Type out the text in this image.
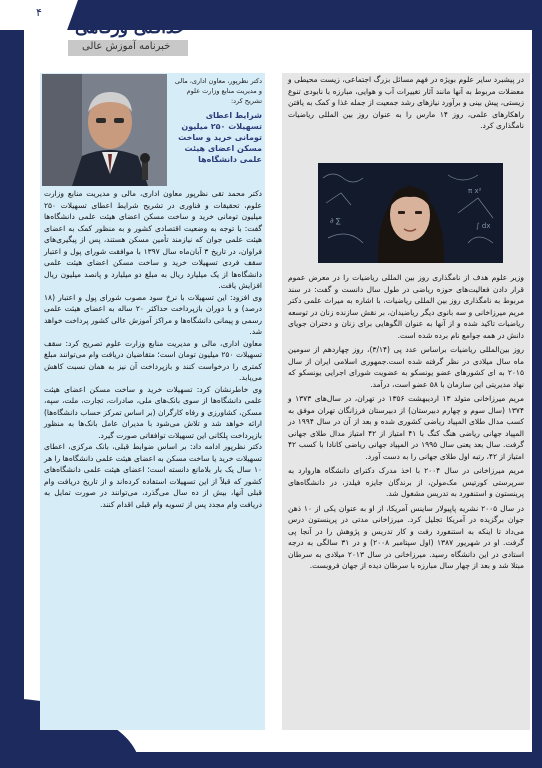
۴
خداقتی ورفاهی
خبرنامه آموزش عالی

دکتر نظرپور، معاون اداری، مالی و مدیریت منابع وزارت علوم تشریح کرد:

شرایط اعطای تسهیلات ۲۵۰ میلیون تومانی خرید و ساخت مسکن اعضای هیئت علمی دانشگاه‌ها

دکتر محمد تقی نظرپور معاون اداری، مالی و مدیریت منابع وزارت علوم، تحقیقات و فناوری در تشریح شرایط اعطای تسهیلات ۲۵۰ میلیون تومانی خرید و ساخت مسکن اعضای هیئت علمی دانشگاه‌ها گفت: با توجه به وضعیت اقتصادی کشور و به منظور کمک به اعضای هیئت علمی جوان که نیازمند تأمین مسکن هستند، پس از پیگیری‌های فراوان، در تاریخ ۳ آبان‌ماه سال ۱۳۹۷ با موافقت شورای پول و اعتبار سقف فردی تسهیلات خرید و ساخت مسکن اعضای هیئت علمی دانشگاه‌ها از یک میلیارد ریال به مبلغ دو میلیارد و پانصد میلیون ریال افزایش یافت.

وی افزود: این تسهیلات با نرخ سود مصوب شورای پول و اعتبار (۱۸ درصد) و با دوران بازپرداخت حداکثر ۲۰ ساله به اعضای هیئت علمی رسمی و پیمانی دانشگاه‌ها و مراکز آموزش عالی کشور پرداخت خواهد شد.

معاون اداری، مالی و مدیریت منابع وزارت علوم تصریح کرد: سقف تسهیلات ۲۵۰ میلیون تومان است؛ متقاضیان دریافت وام می‌توانند مبلغ کمتری را درخواست کنند و بازپرداخت آن نیز به همان نسبت کاهش می‌یابد.

وی خاطرنشان کرد: تسهیلات خرید و ساخت مسکن اعضای هیئت علمی دانشگاه‌ها از سوی بانک‌های ملی، صادرات، تجارت، ملت، سپه، مسکن، کشاورزی و رفاه کارگران (بر اساس تمرکز حساب دانشگاه‌ها) ارائه خواهد شد و تلاش می‌شود با مدیران عامل بانک‌ها به منظور بازپرداخت پلکانی این تسهیلات توافقاتی صورت گیرد.

دکتر نظرپور ادامه داد: بر اساس ضوابط قبلی، بانک مرکزی، اعطای تسهیلات خرید یا ساخت مسکن به اعضای هیئت علمی دانشگاه‌ها را هر ۱۰ سال یک بار بلامانع دانسته است؛ اعضای هیئت علمی دانشگاه‌های کشور که قبلاً از این تسهیلات استفاده کرده‌اند و از تاریخ دریافت وام قبلی آنها، بیش از ده سال می‌گذرد، می‌توانند در صورت تمایل به دریافت وام مجدد پس از تسویه وام قبلی اقدام کنند.

در پیشبرد سایر علوم بویژه در فهم مسائل بزرگ اجتماعی، زیست محیطی و معضلات مربوط به آنها مانند آثار تغییرات آب و هوایی، مبارزه با نابودی تنوع زیستی، پیش بینی و برآورد نیازهای رشد جمعیت از جمله غذا و کمک به یافتن راهکارهای علمی، روز ۱۴ مارس را به عنوان روز بین المللی ریاضیات نامگذاری کرد.

∂ ∑
π x²
∫ dx

وزیر علوم هدف از نامگذاری روز بین المللی ریاضیات را در معرض عموم قرار دادن فعالیت‌های حوزه ریاضی در طول سال دانست و گفت: در سند مربوط به نامگذاری روز بین المللی ریاضیات، با اشاره به میراث علمی دکتر مریم میرزاخانی و سه بانوی دیگر ریاضیدان، بر نقش سازنده زنان در توسعه ریاضیات تاکید شده و از آنها به عنوان الگوهایی برای زنان و دختران جویای دانش در همه جوامع نام برده شده است.

روز بین‌المللی ریاضیات براساس عدد پی (۳/۱۴)، روز چهاردهم از سومین ماه سال میلادی در نظر گرفته شده است.جمهوری اسلامی ایران از سال ۲۰۱۵ به ای کشورهای عضو یونسکو به عضویت شورای اجرایی یونسکو که نهاد مدیریتی این سازمان با ۵۸ عضو است، درآمد.

مریم میرزاخانی متولد ۱۳ اردیبهشت ۱۳۵۶ در تهران، در سال‌های ۱۳۷۳ و ۱۳۷۴ (سال سوم و چهارم دبیرستان) از دبیرستان فرزانگان تهران موفق به کسب مدال طلای المپیاد ریاضی کشوری شده و بعد از آن در سال ۱۹۹۴ در المپیاد جهانی ریاضی هنگ کنگ با ۴۱ امتیاز از ۴۲ امتیاز مدال طلای جهانی گرفت. سال بعد یعنی سال ۱۹۹۵ در المپیاد جهانی ریاضی کانادا با کسب ۴۲ امتیاز از ۴۲، رتبه اول طلای جهانی را به دست آورد.

مریم میرزاخانی در سال ۲۰۰۴ با اخذ مدرک دکترای دانشگاه هاروارد به سرپرستی کورتیس مک‌مولن، از برندگان جایزه فیلدز، در دانشگاه‌های پرینستون و استنفورد به تدریس مشغول شد.

در سال ۲۰۰۵ نشریه پاپیولار ساینس آمریکا، از او به عنوان یکی از ۱۰ ذهن جوان برگزیده در آمریکا تجلیل کرد. میرزاخانی مدتی در پرینستون درس می‌داد تا اینکه به استنفورد رفت و کار تدریس و پژوهش را در آنجا پی گرفت. او در شهریور ۱۳۸۷ (اول سپتامبر ۲۰۰۸) و در ۳۱ سالگی به درجه استادی در این دانشگاه رسید. میرزاخانی در سال ۲۰۱۳ میلادی به سرطان مبتلا شد و بعد از چهار سال مبارزه با سرطان دیده از جهان فروبست.
